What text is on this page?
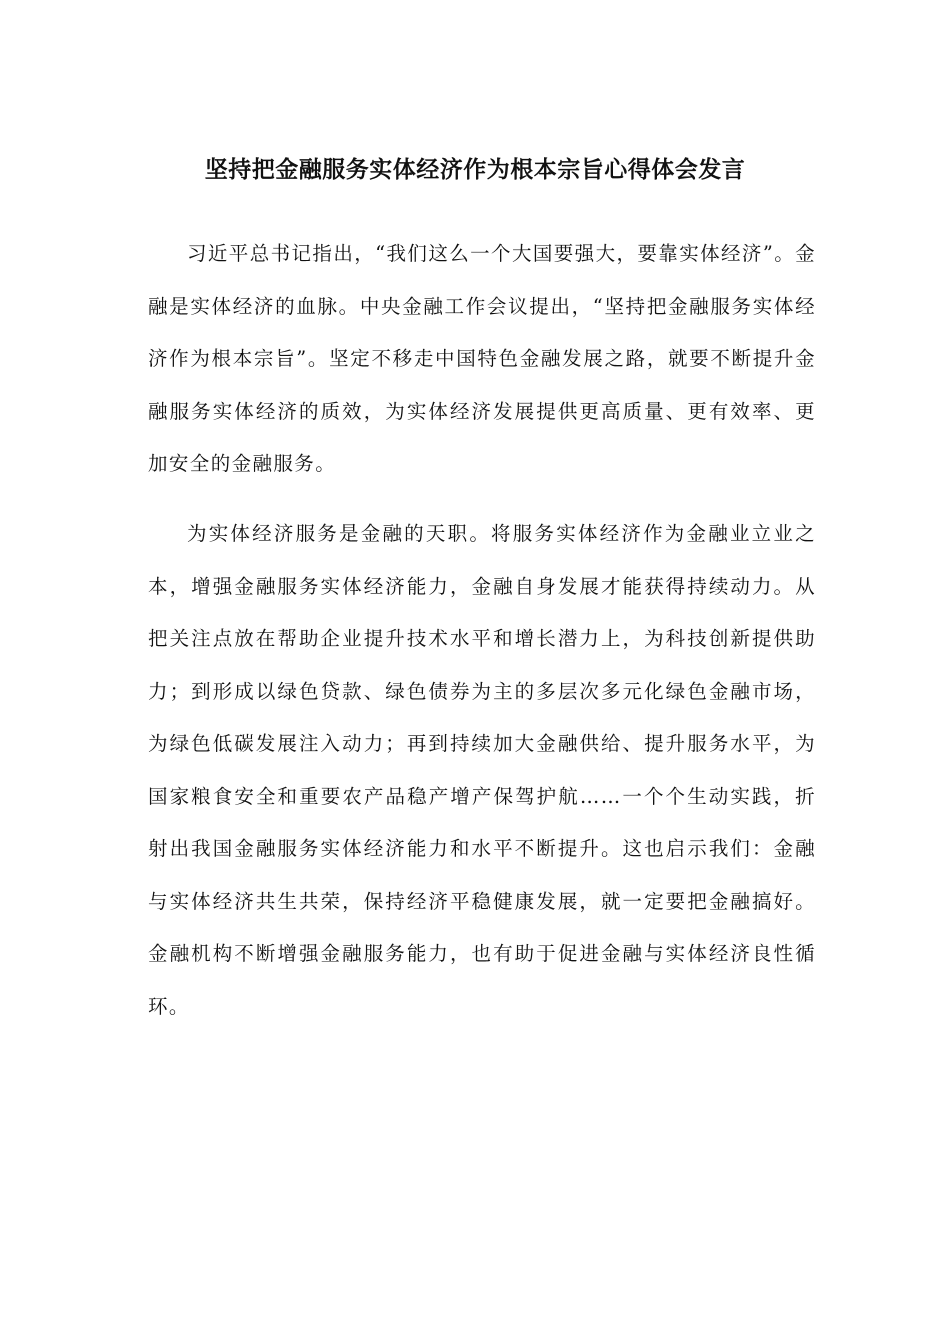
坚持把金融服务实体经济作为根本宗旨心得体会发言

习近平总书记指出，“我们这么一个大国要强大，要靠实体经济”。金融是实体经济的血脉。中央金融工作会议提出，“坚持把金融服务实体经济作为根本宗旨”。坚定不移走中国特色金融发展之路，就要不断提升金融服务实体经济的质效，为实体经济发展提供更高质量、更有效率、更加安全的金融服务。

为实体经济服务是金融的天职。将服务实体经济作为金融业立业之本，增强金融服务实体经济能力，金融自身发展才能获得持续动力。从把关注点放在帮助企业提升技术水平和增长潜力上，为科技创新提供助力；到形成以绿色贷款、绿色债券为主的多层次多元化绿色金融市场，为绿色低碳发展注入动力；再到持续加大金融供给、提升服务水平，为国家粮食安全和重要农产品稳产增产保驾护航……一个个生动实践，折射出我国金融服务实体经济能力和水平不断提升。这也启示我们：金融与实体经济共生共荣，保持经济平稳健康发展，就一定要把金融搞好。金融机构不断增强金融服务能力，也有助于促进金融与实体经济良性循环。
